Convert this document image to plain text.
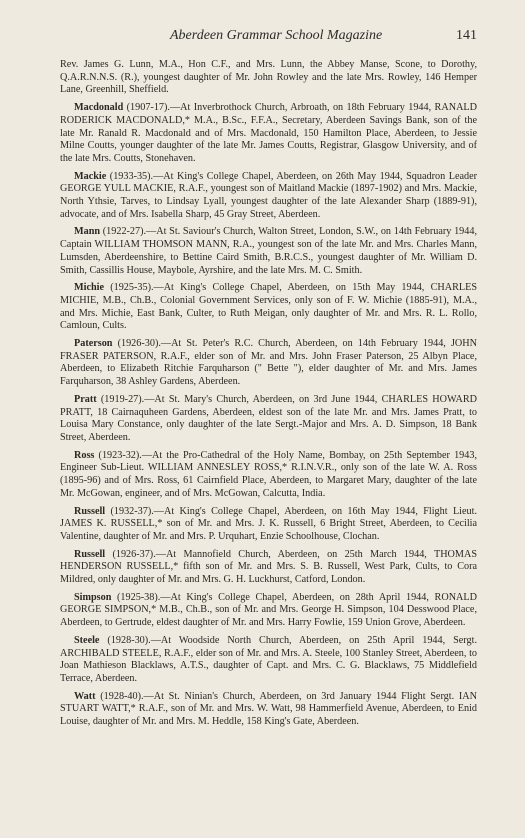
Aberdeen Grammar School Magazine	141

Rev. James G. Lunn, M.A., Hon C.F., and Mrs. Lunn, the Abbey Manse, Scone, to Dorothy, Q.A.R.N.N.S. (R.), youngest daughter of Mr. John Rowley and the late Mrs. Rowley, 146 Hemper Lane, Greenhill, Sheffield.

Macdonald (1907-17).—At Inverbrothock Church, Arbroath, on 18th February 1944, RANALD RODERICK MACDONALD,* M.A., B.Sc., F.F.A., Secretary, Aberdeen Savings Bank, son of the late Mr. Ranald R. Macdonald and of Mrs. Macdonald, 150 Hamilton Place, Aberdeen, to Jessie Milne Coutts, younger daughter of the late Mr. James Coutts, Registrar, Glasgow University, and of the late Mrs. Coutts, Stonehaven.

Mackie (1933-35).—At King's College Chapel, Aberdeen, on 26th May 1944, Squadron Leader GEORGE YULL MACKIE, R.A.F., youngest son of Maitland Mackie (1897-1902) and Mrs. Mackie, North Ythsie, Tarves, to Lindsay Lyall, youngest daughter of the late Alexander Sharp (1889-91), advocate, and of Mrs. Isabella Sharp, 45 Gray Street, Aberdeen.

Mann (1922-27).—At St. Saviour's Church, Walton Street, London, S.W., on 14th February 1944, Captain WILLIAM THOMSON MANN, R.A., youngest son of the late Mr. and Mrs. Charles Mann, Lumsden, Aberdeenshire, to Bettine Caird Smith, B.R.C.S., youngest daughter of Mr. William D. Smith, Cassillis House, Maybole, Ayrshire, and the late Mrs. M. C. Smith.

Michie (1925-35).—At King's College Chapel, Aberdeen, on 15th May 1944, CHARLES MICHIE, M.B., Ch.B., Colonial Government Services, only son of F. W. Michie (1885-91), M.A., and Mrs. Michie, East Bank, Culter, to Ruth Meigan, only daughter of Mr. and Mrs. R. L. Rollo, Camloun, Cults.

Paterson (1926-30).—At St. Peter's R.C. Church, Aberdeen, on 14th February 1944, JOHN FRASER PATERSON, R.A.F., elder son of Mr. and Mrs. John Fraser Paterson, 25 Albyn Place, Aberdeen, to Elizabeth Ritchie Farquharson (" Bette "), elder daughter of Mr. and Mrs. James Farquharson, 38 Ashley Gardens, Aberdeen.

Pratt (1919-27).—At St. Mary's Church, Aberdeen, on 3rd June 1944, CHARLES HOWARD PRATT, 18 Cairnaquheen Gardens, Aberdeen, eldest son of the late Mr. and Mrs. James Pratt, to Louisa Mary Constance, only daughter of the late Sergt.-Major and Mrs. A. D. Simpson, 18 Bank Street, Aberdeen.

Ross (1923-32).—At the Pro-Cathedral of the Holy Name, Bombay, on 25th September 1943, Engineer Sub-Lieut. WILLIAM ANNESLEY ROSS,* R.I.N.V.R., only son of the late W. A. Ross (1895-96) and of Mrs. Ross, 61 Cairnfield Place, Aberdeen, to Margaret Mary, daughter of the late Mr. McGowan, engineer, and of Mrs. McGowan, Calcutta, India.

Russell (1932-37).—At King's College Chapel, Aberdeen, on 16th May 1944, Flight Lieut. JAMES K. RUSSELL,* son of Mr. and Mrs. J. K. Russell, 6 Bright Street, Aberdeen, to Cecilia Valentine, daughter of Mr. and Mrs. P. Urquhart, Enzie Schoolhouse, Clochan.

Russell (1926-37).—At Mannofield Church, Aberdeen, on 25th March 1944, THOMAS HENDERSON RUSSELL,* fifth son of Mr. and Mrs. S. B. Russell, West Park, Cults, to Cora Mildred, only daughter of Mr. and Mrs. G. H. Luckhurst, Catford, London.

Simpson (1925-38).—At King's College Chapel, Aberdeen, on 28th April 1944, RONALD GEORGE SIMPSON,* M.B., Ch.B., son of Mr. and Mrs. George H. Simpson, 104 Desswood Place, Aberdeen, to Gertrude, eldest daughter of Mr. and Mrs. Harry Fowlie, 159 Union Grove, Aberdeen.

Steele (1928-30).—At Woodside North Church, Aberdeen, on 25th April 1944, Sergt. ARCHIBALD STEELE, R.A.F., elder son of Mr. and Mrs. A. Steele, 100 Stanley Street, Aberdeen, to Joan Mathieson Blacklaws, A.T.S., daughter of Capt. and Mrs. C. G. Blacklaws, 75 Middlefield Terrace, Aberdeen.

Watt (1928-40).—At St. Ninian's Church, Aberdeen, on 3rd January 1944 Flight Sergt. IAN STUART WATT,* R.A.F., son of Mr. and Mrs. W. Watt, 98 Hammerfield Avenue, Aberdeen, to Enid Louise, daughter of Mr. and Mrs. M. Heddle, 158 King's Gate, Aberdeen.
